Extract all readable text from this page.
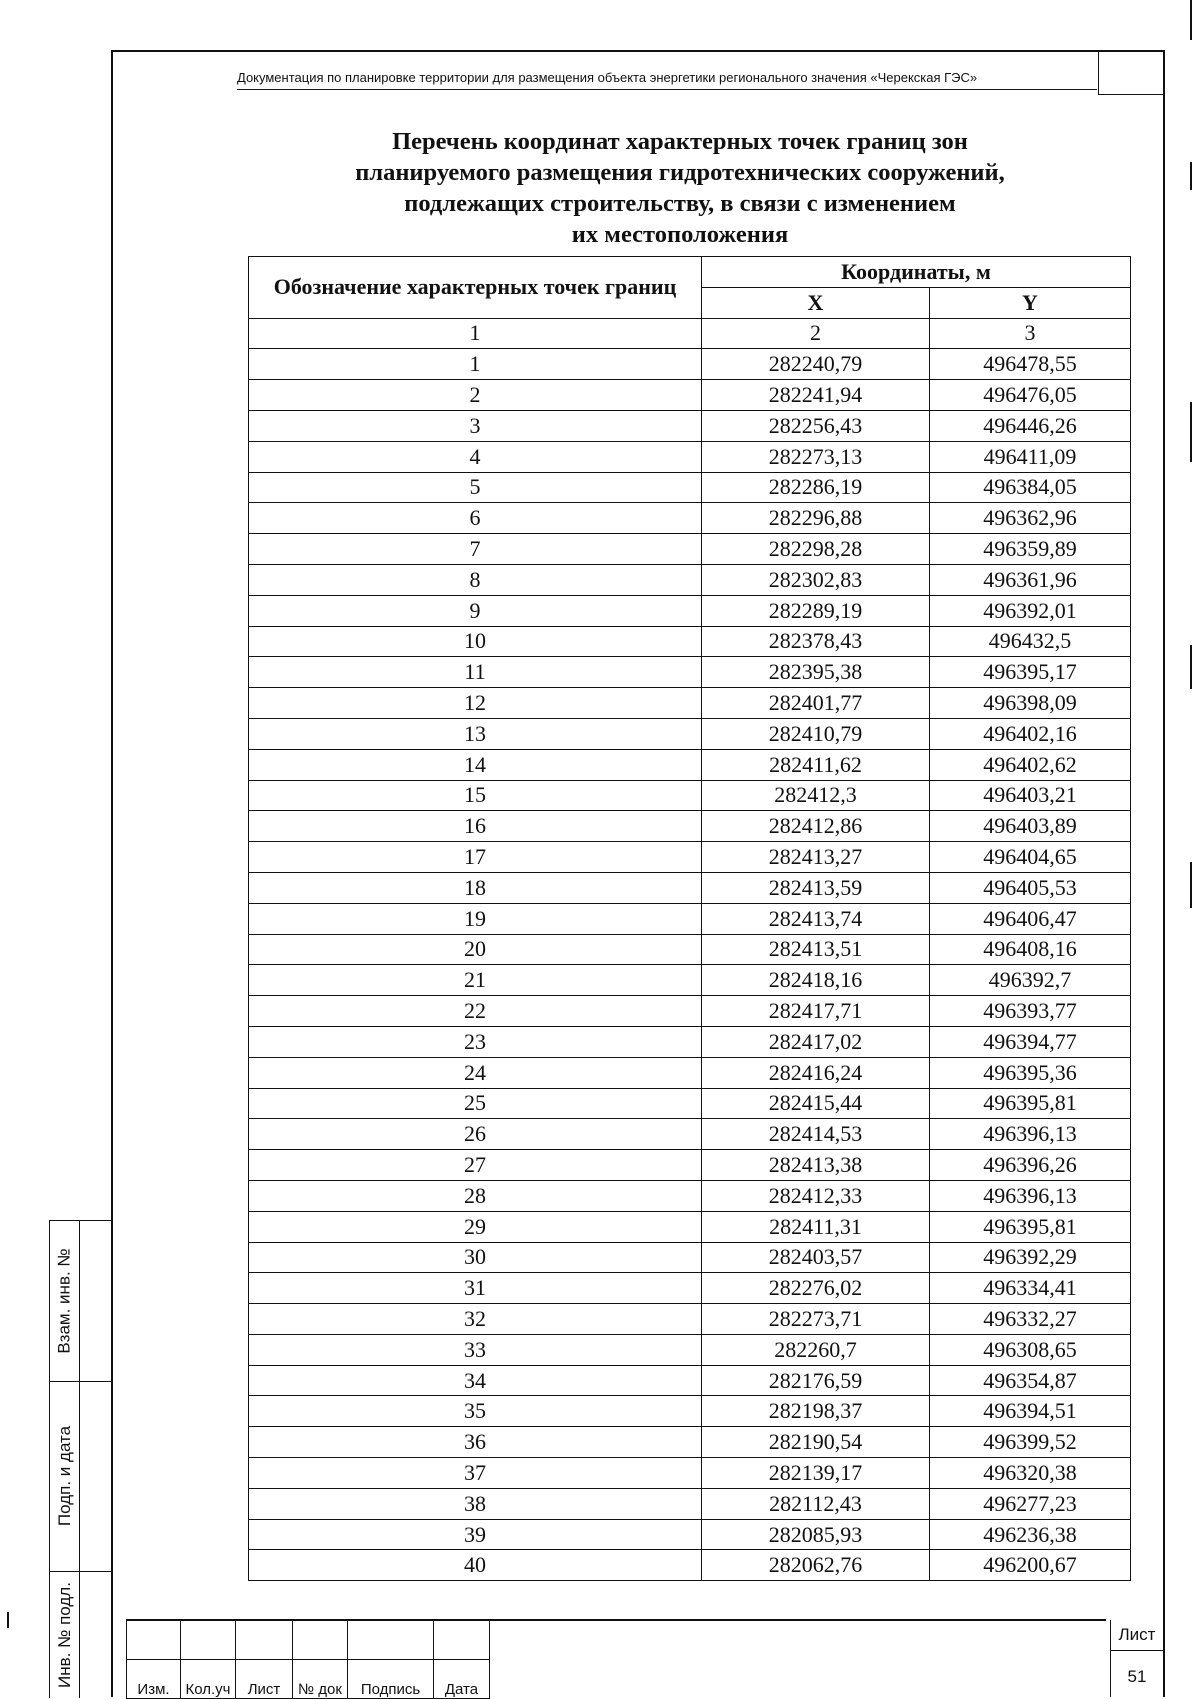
Документация по планировке территории для размещения объекта энергетики регионального значения «Черекская ГЭС»
Перечень координат характерных точек границ зон
планируемого размещения гидротехнических сооружений,
подлежащих строительству, в связи с изменением
их местоположения
Обозначение характерных точек границ	Координаты, м	
	X	Y
1	2	3
1	282240,79	496478,55
2	282241,94	496476,05
3	282256,43	496446,26
4	282273,13	496411,09
5	282286,19	496384,05
6	282296,88	496362,96
7	282298,28	496359,89
8	282302,83	496361,96
9	282289,19	496392,01
10	282378,43	496432,5
11	282395,38	496395,17
12	282401,77	496398,09
13	282410,79	496402,16
14	282411,62	496402,62
15	282412,3	496403,21
16	282412,86	496403,89
17	282413,27	496404,65
18	282413,59	496405,53
19	282413,74	496406,47
20	282413,51	496408,16
21	282418,16	496392,7
22	282417,71	496393,77
23	282417,02	496394,77
24	282416,24	496395,36
25	282415,44	496395,81
26	282414,53	496396,13
27	282413,38	496396,26
28	282412,33	496396,13
29	282411,31	496395,81
30	282403,57	496392,29
31	282276,02	496334,41
32	282273,71	496332,27
33	282260,7	496308,65
34	282176,59	496354,87
35	282198,37	496394,51
36	282190,54	496399,52
37	282139,17	496320,38
38	282112,43	496277,23
39	282085,93	496236,38
40	282062,76	496200,67
Взам. инв. №
Подп. и дата
Инв. № подл.

Изм.	Кол.уч	Лист	№ док	Подпись	Дата
Лист
51
